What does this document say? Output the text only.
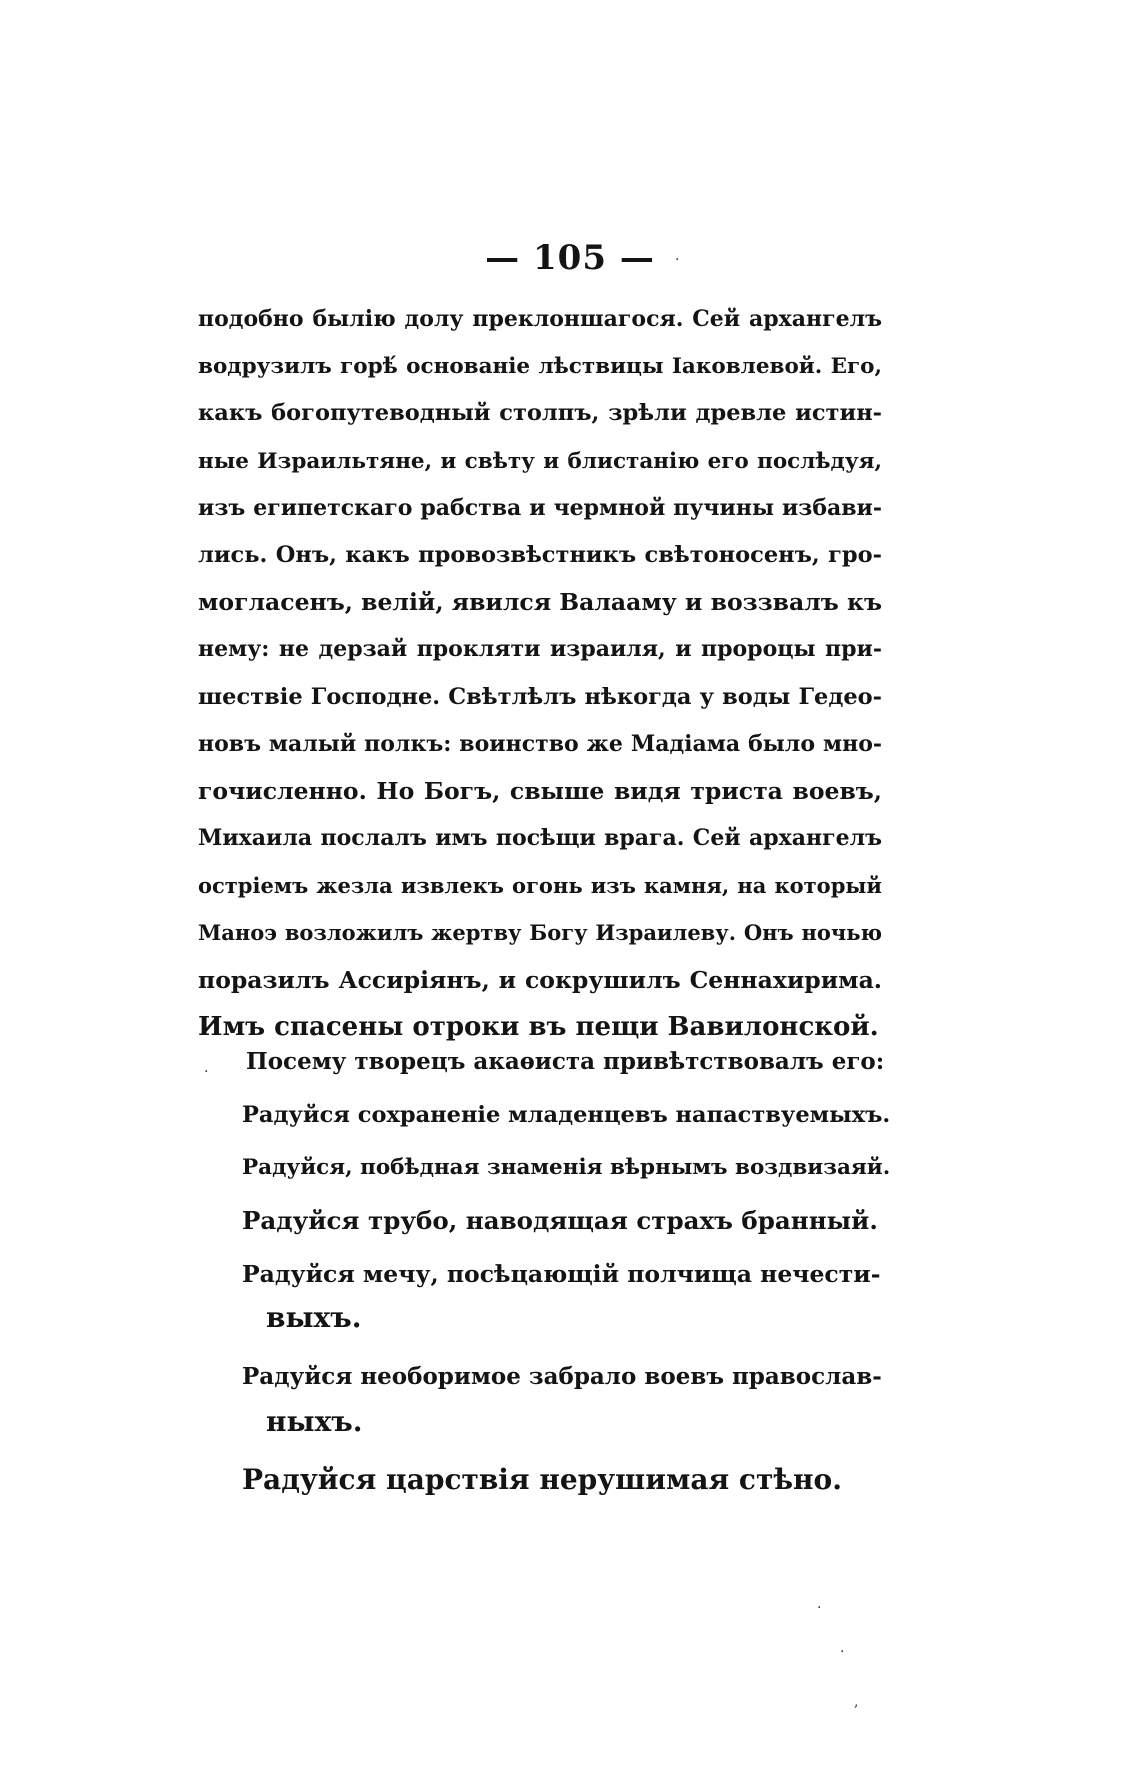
— 105 —
подобно былію долу преклоншагося. Сей архангелъ
водрузилъ горѣ́ основаніе лѣствицы Іаковлевой. Его,
какъ богопутеводный столпъ, зрѣли древле истин-
ные Израильтяне, и свѣту и блистанію его послѣдуя,
изъ египетскаго рабства и чермной пучины избави-
лись. Онъ, какъ провозвѣстникъ свѣтоносенъ, гро-
могласенъ, велій, явился Валааму и воззвалъ къ
нему: не дерзай прокляти израиля, и пророцы при-
шествіе Господне. Свѣтлѣлъ нѣкогда у воды Гедео-
новъ малый полкъ: воинство же Мадіама было мно-
гочисленно. Но Богъ, свыше видя триста воевъ,
Михаила послалъ имъ посѣщи врага. Сей архангелъ
остріемъ жезла извлекъ огонь изъ камня, на который
Маноэ возложилъ жертву Богу Израилеву. Онъ ночью
поразилъ Ассиріянъ, и сокрушилъ Сеннахирима.
Имъ спасены отроки въ пещи Вавилонской.
Посему творецъ акаѳиста привѣтствовалъ его:
Радуйся сохраненіе младенцевъ напаствуемыхъ.
Радуйся, побѣдная знаменія вѣрнымъ воздвизаяй.
Радуйся трубо, наводящая страхъ бранный.
Радуйся мечу, посѣцающій полчища нечести-
выхъ.
Радуйся необоримое забрало воевъ православ-
ныхъ.
Радуйся царствія нерушимая стѣно.
·
·
·
·
,
